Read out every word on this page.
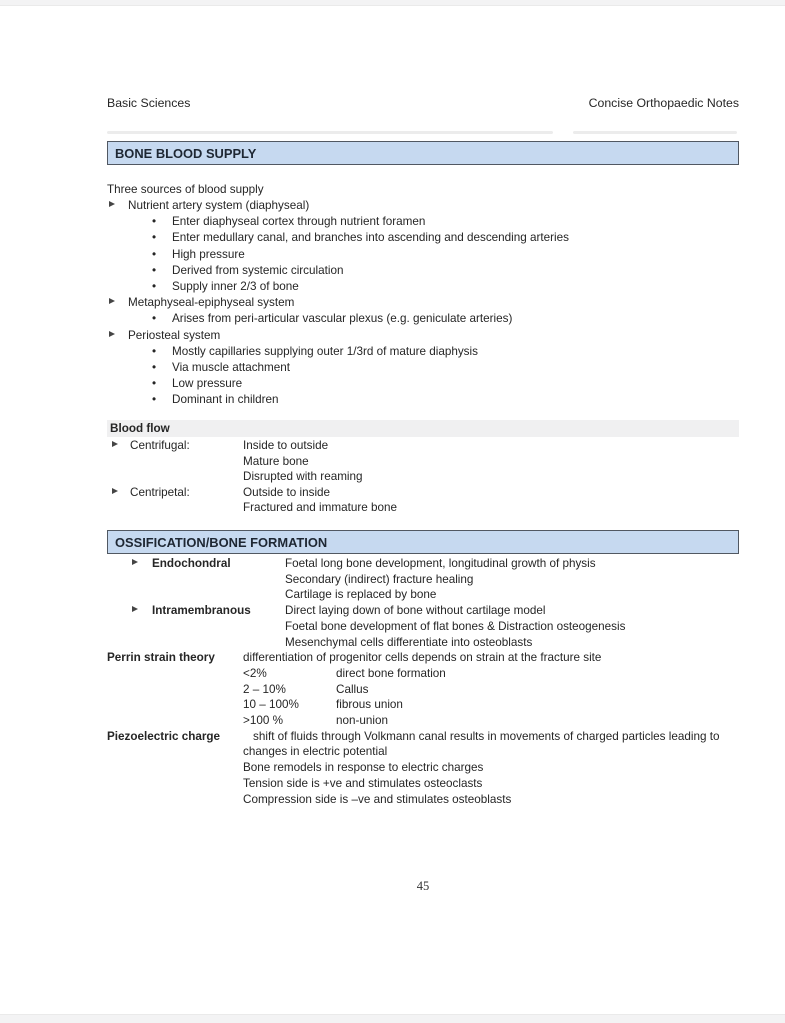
Basic Sciences	Concise Orthopaedic Notes
BONE BLOOD SUPPLY
Three sources of blood supply
Nutrient artery system (diaphyseal)
•Enter diaphyseal cortex through nutrient foramen
•Enter medullary canal, and branches into ascending and descending arteries
•High pressure
•Derived from systemic circulation
•Supply inner 2/3 of bone
Metaphyseal-epiphyseal system
•Arises from peri-articular vascular plexus (e.g. geniculate arteries)
Periosteal system
•Mostly capillaries supplying outer 1/3rd of mature diaphysis
•Via muscle attachment
•Low pressure
•Dominant in children
Blood flow
Centrifugal:	Inside to outside
Mature bone
Disrupted with reaming
Centripetal:	Outside to inside
Fractured and immature bone
OSSIFICATION/BONE FORMATION
Endochondral	Foetal long bone development, longitudinal growth of physis
Secondary (indirect) fracture healing
Cartilage is replaced by bone
Intramembranous	Direct laying down of bone without cartilage model
Foetal bone development of flat bones & Distraction osteogenesis
Mesenchymal cells differentiate into osteoblasts
Perrin strain theory	differentiation of progenitor cells depends on strain at the fracture site
<2%	direct bone formation
2 – 10%	Callus
10 – 100%	fibrous union
>100 %	non-union
Piezoelectric charge	shift of fluids through Volkmann canal results in movements of charged particles leading to
changes in electric potential
Bone remodels in response to electric charges
Tension side is +ve and stimulates osteoclasts
Compression side is –ve and stimulates osteoblasts
45
